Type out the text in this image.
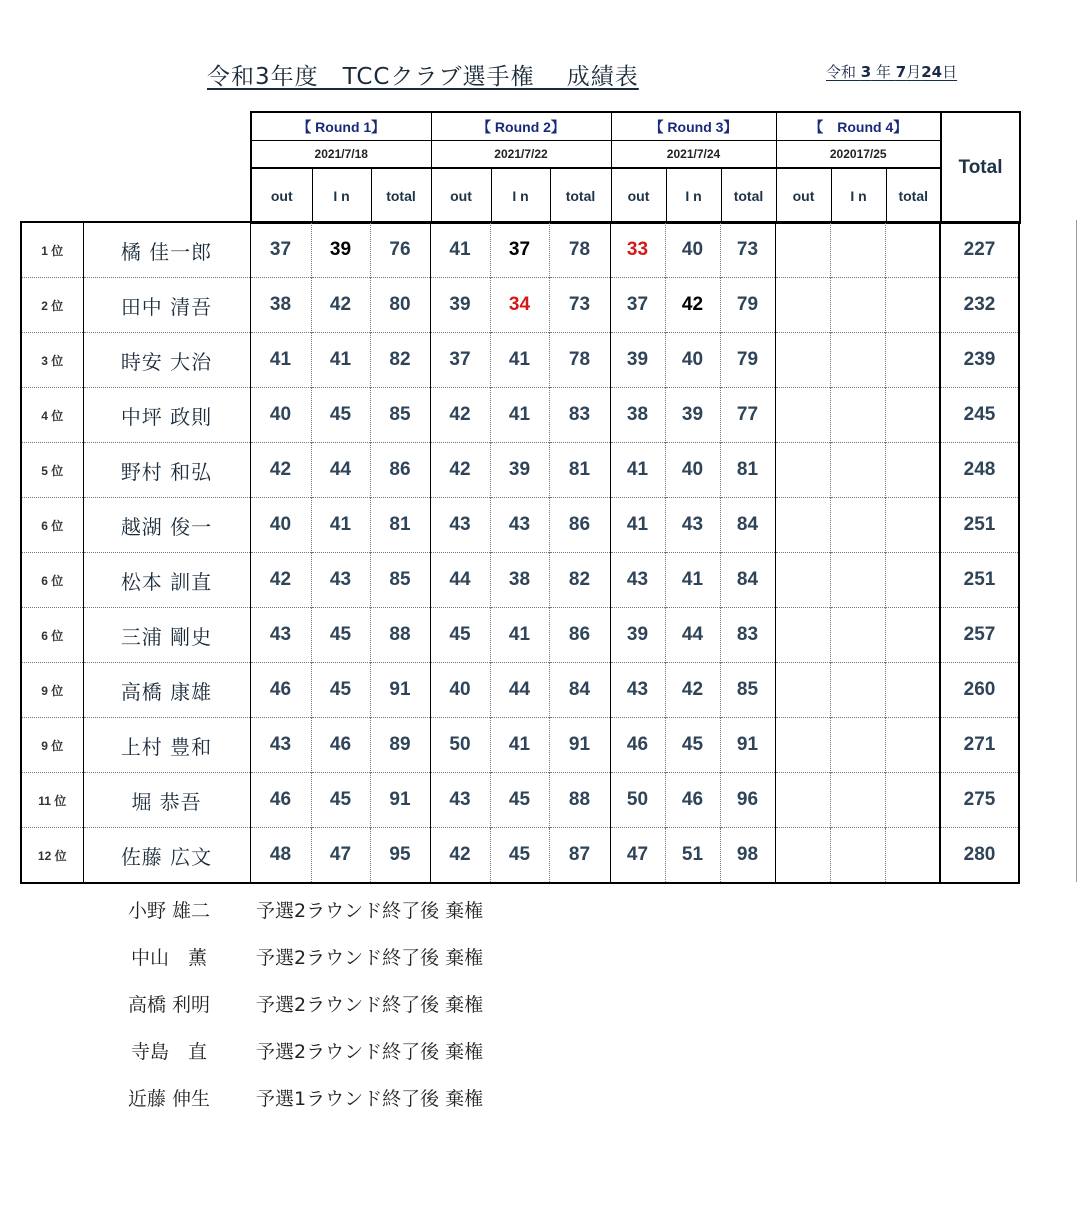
令和3年度　TCCクラブ選手権　 成績表	令和 3 年 7月24日
【 Round 1】			【 Round 2】			【 Round 3】			【　Round 4】			Total
2021/7/18			2021/7/22			2021/7/24			202017/25			
out	I n	total	out	I n	total	out	I n	total	out	I n	total	
1 位	橘 佳一郎	37	39	76	41	37	78	33	40	73				227
2 位	田中 清吾	38	42	80	39	34	73	37	42	79				232
3 位	時安 大治	41	41	82	37	41	78	39	40	79				239
4 位	中坪 政則	40	45	85	42	41	83	38	39	77				245
5 位	野村 和弘	42	44	86	42	39	81	41	40	81				248
6 位	越湖 俊一	40	41	81	43	43	86	41	43	84				251
6 位	松本 訓直	42	43	85	44	38	82	43	41	84				251
6 位	三浦 剛史	43	45	88	45	41	86	39	44	83				257
9 位	高橋 康雄	46	45	91	40	44	84	43	42	85				260
9 位	上村 豊和	43	46	89	50	41	91	46	45	91				271
11 位	堀 恭吾	46	45	91	43	45	88	50	46	96				275
12 位	佐藤 広文	48	47	95	42	45	87	47	51	98				280
小野 雄二	予選2ラウンド終了後 棄権
中山　薫	予選2ラウンド終了後 棄権
高橋 利明	予選2ラウンド終了後 棄権
寺島　直	予選2ラウンド終了後 棄権
近藤 伸生	予選1ラウンド終了後 棄権
